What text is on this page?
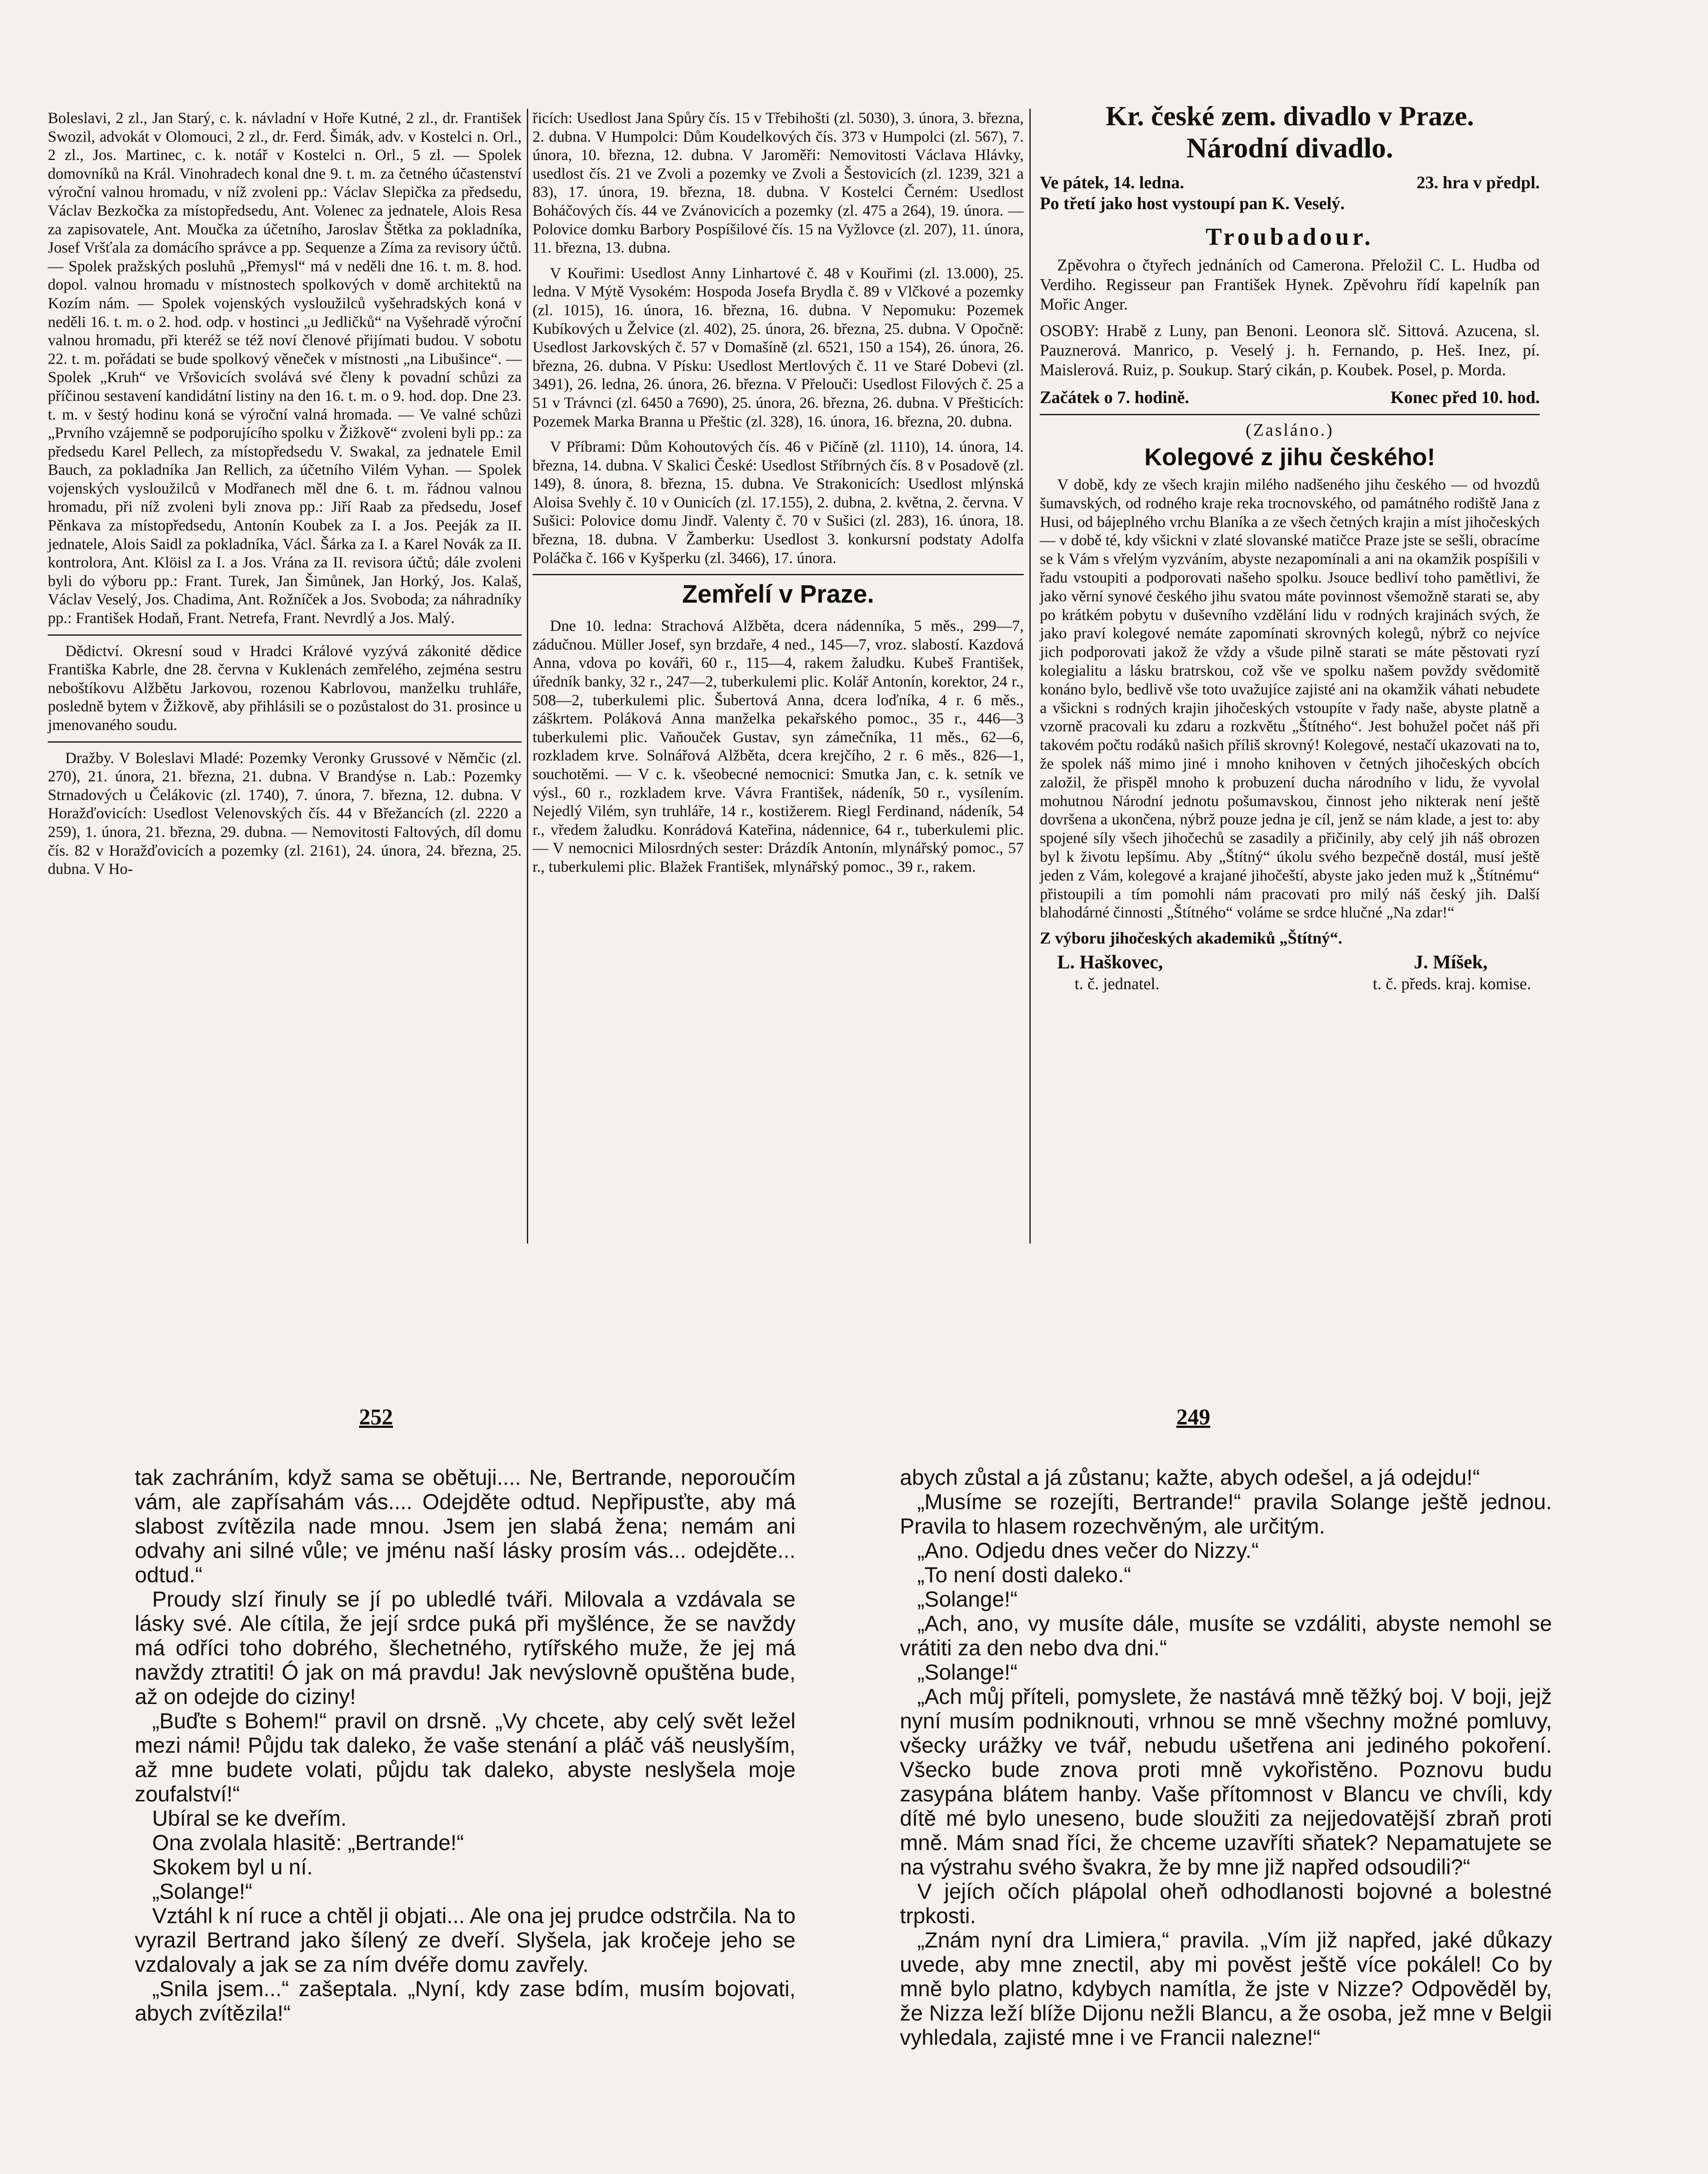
Boleslavi, 2 zl., Jan Starý, c. k. návladní v Hoře Kutné, 2 zl., dr. František Swozil, advokát v Olomouci, 2 zl., dr. Ferd. Šimák, adv. v Kostelci n. Orl., 2 zl., Jos. Martinec, c. k. notář v Kostelci n. Orl., 5 zl. — Spolek domovníků na Král. Vinohradech konal dne 9. t. m. za četného účastenství výroční valnou hromadu, v níž zvoleni pp.: Václav Slepička za předsedu, Václav Bezkočka za místopředsedu, Ant. Volenec za jednatele, Alois Resa za zapisovatele, Ant. Moučka za účetního, Jaroslav Štětka za pokladníka, Josef Vršťala za domácího správce a pp. Sequenze a Zíma za revisory účtů. — Spolek pražských posluhů „Přemysl“ má v neděli dne 16. t. m. 8. hod. dopol. valnou hromadu v místnostech spolkových v domě architektů na Kozím nám. — Spolek vojenských vysloužilců vyšehradských koná v neděli 16. t. m. o 2. hod. odp. v hostinci „u Jedličků“ na Vyšehradě výroční valnou hromadu, při kteréž se též noví členové přijímati budou. V sobotu 22. t. m. pořádati se bude spolkový věneček v místnosti „na Libušince“. — Spolek „Kruh“ ve Vršovicích svolává své členy k povadní schůzi za příčinou sestavení kandidátní listiny na den 16. t. m. o 9. hod. dop. Dne 23. t. m. v šestý hodinu koná se výroční valná hromada. — Ve valné schůzi „Prvního vzájemně se podporujícího spolku v Žižkově“ zvoleni byli pp.: za předsedu Karel Pellech, za místopředsedu V. Swakal, za jednatele Emil Bauch, za pokladníka Jan Rellich, za účetního Vilém Vyhan. — Spolek vojenských vysloužilců v Modřanech měl dne 6. t. m. řádnou valnou hromadu, při níž zvoleni byli znova pp.: Jiří Raab za předsedu, Josef Pěnkava za místopředsedu, Antonín Koubek za I. a Jos. Peeják za II. jednatele, Alois Saidl za pokladníka, Václ. Šárka za I. a Karel Novák za II. kontrolora, Ant. Klöisl za I. a Jos. Vrána za II. revisora účtů; dále zvoleni byli do výboru pp.: Frant. Turek, Jan Šimůnek, Jan Horký, Jos. Kalaš, Václav Veselý, Jos. Chadima, Ant. Rožníček a Jos. Svoboda; za náhradníky pp.: František Hodaň, Frant. Netrefa, Frant. Nevrdlý a Jos. Malý.

Dědictví. Okresní soud v Hradci Králové vyzývá zákonité dědice Františka Kabrle, dne 28. června v Kuklenách zemřelého, zejména sestru neboštíkovu Alžbětu Jarkovou, rozenou Kabrlovou, manželku truhláře, posledně bytem v Žižkově, aby přihlásili se o pozůstalost do 31. prosince u jmenovaného soudu.

Dražby. V Boleslavi Mladé: Pozemky Veronky Grussové v Němčic (zl. 270), 21. února, 21. března, 21. dubna. V Brandýse n. Lab.: Pozemky Strnadových u Čelákovic (zl. 1740), 7. února, 7. března, 12. dubna. V Horažďovicích: Usedlost Velenovských čís. 44 v Břežancích (zl. 2220 a 259), 1. února, 21. března, 29. dubna. — Nemovitosti Faltových, díl domu čís. 82 v Horažďovicích a pozemky (zl. 2161), 24. února, 24. března, 25. dubna. V Ho-

řicích: Usedlost Jana Spůry čís. 15 v Třebihošti (zl. 5030), 3. února, 3. března, 2. dubna. V Humpolci: Dům Koudelkových čís. 373 v Humpolci (zl. 567), 7. února, 10. března, 12. dubna. V Jaroměři: Nemovitosti Václava Hlávky, usedlost čís. 21 ve Zvoli a pozemky ve Zvoli a Šestovicích (zl. 1239, 321 a 83), 17. února, 19. března, 18. dubna. V Kostelci Černém: Usedlost Boháčových čís. 44 ve Zvánovicích a pozemky (zl. 475 a 264), 19. února. — Polovice domku Barbory Pospíšilové čís. 15 na Vyžlovce (zl. 207), 11. února, 11. března, 13. dubna.

V Kouřimi: Usedlost Anny Linhartové č. 48 v Kouřimi (zl. 13.000), 25. ledna. V Mýtě Vysokém: Hospoda Josefa Brydla č. 89 v Vlčkové a pozemky (zl. 1015), 16. února, 16. března, 16. dubna. V Nepomuku: Pozemek Kubíkových u Želvice (zl. 402), 25. února, 26. března, 25. dubna. V Opočně: Usedlost Jarkovských č. 57 v Domašíně (zl. 6521, 150 a 154), 26. února, 26. března, 26. dubna. V Písku: Usedlost Mertlových č. 11 ve Staré Dobevi (zl. 3491), 26. ledna, 26. února, 26. března. V Přelouči: Usedlost Filových č. 25 a 51 v Trávnci (zl. 6450 a 7690), 25. února, 26. března, 26. dubna. V Přešticích: Pozemek Marka Branna u Přeštic (zl. 328), 16. února, 16. března, 20. dubna.

V Příbrami: Dům Kohoutových čís. 46 v Pičíně (zl. 1110), 14. února, 14. března, 14. dubna. V Skalici České: Usedlost Stříbrných čís. 8 v Posadově (zl. 149), 8. února, 8. března, 15. dubna. Ve Strakonicích: Usedlost mlýnská Aloisa Svehly č. 10 v Ounicích (zl. 17.155), 2. dubna, 2. května, 2. června. V Sušici: Polovice domu Jindř. Valenty č. 70 v Sušici (zl. 283), 16. února, 18. března, 18. dubna. V Žamberku: Usedlost 3. konkursní podstaty Adolfa Poláčka č. 166 v Kyšperku (zl. 3466), 17. února.

Zemřelí v Praze.

Dne 10. ledna: Strachová Alžběta, dcera nádenníka, 5 měs., 299—7, zádučnou. Müller Josef, syn brzdaře, 4 ned., 145—7, vroz. slabostí. Kazdová Anna, vdova po kováři, 60 r., 115—4, rakem žaludku. Kubeš František, úředník banky, 32 r., 247—2, tuberkulemi plic. Kolář Antonín, korektor, 24 r., 508—2, tuberkulemi plic. Šubertová Anna, dcera loďníka, 4 r. 6 měs., záškrtem. Poláková Anna manželka pekařského pomoc., 35 r., 446—3 tuberkulemi plic. Vaňouček Gustav, syn zámečníka, 11 měs., 62—6, rozkladem krve. Solnářová Alžběta, dcera krejčího, 2 r. 6 měs., 826—1, souchotěmi. — V c. k. všeobecné nemocnici: Smutka Jan, c. k. setník ve výsl., 60 r., rozkladem krve. Vávra František, nádeník, 50 r., vysílením. Nejedlý Vilém, syn truhláře, 14 r., kostižerem. Riegl Ferdinand, nádeník, 54 r., vředem žaludku. Konrádová Kateřina, nádennice, 64 r., tuberkulemi plic. — V nemocnici Milosrdných sester: Drázdík Antonín, mlynářský pomoc., 57 r., tuberkulemi plic. Blažek František, mlynářský pomoc., 39 r., rakem.

Kr. české zem. divadlo v Praze.
Národní divadlo.
Ve pátek, 14. ledna.	23. hra v předpl.

Po třetí jako host vystoupí pan K. Veselý.

Troubadour.

Zpěvohra o čtyřech jednáních od Camerona. Přeložil C. L. Hudba od Verdiho. Regisseur pan František Hynek. Zpěvohru řídí kapelník pan Mořic Anger.

OSOBY: Hrabě z Luny, pan Benoni. Leonora slč. Sittová. Azucena, sl. Pauznerová. Manrico, p. Veselý j. h. Fernando, p. Heš. Inez, pí. Maislerová. Ruiz, p. Soukup. Starý cikán, p. Koubek. Posel, p. Morda.

Začátek o 7. hodině.	Konec před 10. hod.
(Zasláno.)
Kolegové z jihu českého!

V době, kdy ze všech krajin milého nadšeného jihu českého — od hvozdů šumavských, od rodného kraje reka trocnovského, od památného rodiště Jana z Husi, od bájeplného vrchu Blaníka a ze všech četných krajin a míst jihočeských — v době té, kdy všickni v zlaté slovanské matičce Praze jste se sešli, obracíme se k Vám s vřelým vyzváním, abyste nezapomínali a ani na okamžik pospíšili v řadu vstoupiti a podporovati našeho spolku. Jsouce bedliví toho pamětlivi, že jako věrní synové českého jihu svatou máte povinnost všemožně starati se, aby po krátkém pobytu v duševního vzdělání lidu v rodných krajinách svých, že jako praví kolegové nemáte zapomínati skrovných kolegů, nýbrž co nejvíce jich podporovati jakož že vždy a všude pilně starati se máte pěstovati ryzí kolegialitu a lásku bratrskou, což vše ve spolku našem povždy svědomitě konáno bylo, bedlivě vše toto uvažujíce zajisté ani na okamžik váhati nebudete a všickni s rodných krajin jihočeských vstoupíte v řady naše, abyste platně a vzorně pracovali ku zdaru a rozkvětu „Štítného“. Jest bohužel počet náš při takovém počtu rodáků našich příliš skrovný! Kolegové, nestačí ukazovati na to, že spolek náš mimo jiné i mnoho knihoven v četných jihočeských obcích založil, že přispěl mnoho k probuzení ducha národního v lidu, že vyvolal mohutnou Národní jednotu pošumavskou, činnost jeho nikterak není ještě dovršena a ukončena, nýbrž pouze jedna je cíl, jenž se nám klade, a jest to: aby spojené síly všech jihočechů se zasadily a přičinily, aby celý jih náš obrozen byl k životu lepšímu. Aby „Štítný“ úkolu svého bezpečně dostál, musí ještě jeden z Vám, kolegové a krajané jihočeští, abyste jako jeden muž k „Štítnému“ přistoupili a tím pomohli nám pracovati pro milý náš český jih. Další blahodárné činnosti „Štítného“ voláme se srdce hlučné „Na zdar!“

Z výboru jihočeských akademiků „Štítný“.

L. Haškovec,	J. Míšek,
t. č. jednatel.	t. č. předs. kraj. komise.
252	249

tak zachráním, když sama se obětuji.... Ne, Bertrande, neporoučím vám, ale zapřísahám vás.... Odejděte odtud. Nepřipusťte, aby má slabost zvítězila nade mnou. Jsem jen slabá žena; nemám ani odvahy ani silné vůle; ve jménu naší lásky prosím vás... odejděte... odtud.“

Proudy slzí řinuly se jí po ubledlé tváři. Milovala a vzdávala se lásky své. Ale cítila, že její srdce puká při myšlénce, že se navždy má odříci toho dobrého, šlechetného, rytířského muže, že jej má navždy ztratiti! Ó jak on má pravdu! Jak nevýslovně opuštěna bude, až on odejde do ciziny!

„Buďte s Bohem!“ pravil on drsně. „Vy chcete, aby celý svět ležel mezi námi! Půjdu tak daleko, že vaše stenání a pláč váš neuslyším, až mne budete volati, půjdu tak daleko, abyste neslyšela moje zoufalství!“

Ubíral se ke dveřím.

Ona zvolala hlasitě: „Bertrande!“

Skokem byl u ní.

„Solange!“

Vztáhl k ní ruce a chtěl ji objati... Ale ona jej prudce odstrčila. Na to vyrazil Bertrand jako šílený ze dveří. Slyšela, jak kročeje jeho se vzdalovaly a jak se za ním dvéře domu zavřely.

„Snila jsem...“ zašeptala. „Nyní, kdy zase bdím, musím bojovati, abych zvítězila!“

abych zůstal a já zůstanu; kažte, abych odešel, a já odejdu!“

„Musíme se rozejíti, Bertrande!“ pravila Solange ještě jednou. Pravila to hlasem rozechvěným, ale určitým.

„Ano. Odjedu dnes večer do Nizzy.“

„To není dosti daleko.“

„Solange!“

„Ach, ano, vy musíte dále, musíte se vzdáliti, abyste nemohl se vrátiti za den nebo dva dni.“

„Solange!“

„Ach můj příteli, pomyslete, že nastává mně těžký boj. V boji, jejž nyní musím podniknouti, vrhnou se mně všechny možné pomluvy, všecky urážky ve tvář, nebudu ušetřena ani jediného pokoření. Všecko bude znova proti mně vykořistěno. Poznovu budu zasypána blátem hanby. Vaše přítomnost v Blancu ve chvíli, kdy dítě mé bylo uneseno, bude sloužiti za nejjedovatější zbraň proti mně. Mám snad říci, že chceme uzavříti sňatek? Nepamatujete se na výstrahu svého švakra, že by mne již napřed odsoudili?“

V jejích očích plápolal oheň odhodlanosti bojovné a bolestné trpkosti.

„Znám nyní dra Limiera,“ pravila. „Vím již napřed, jaké důkazy uvede, aby mne znectil, aby mi pověst ještě více pokálel! Co by mně bylo platno, kdybych namítla, že jste v Nizze? Odpověděl by, že Nizza leží blíže Dijonu nežli Blancu, a že osoba, jež mne v Belgii vyhledala, zajisté mne i ve Francii nalezne!“
